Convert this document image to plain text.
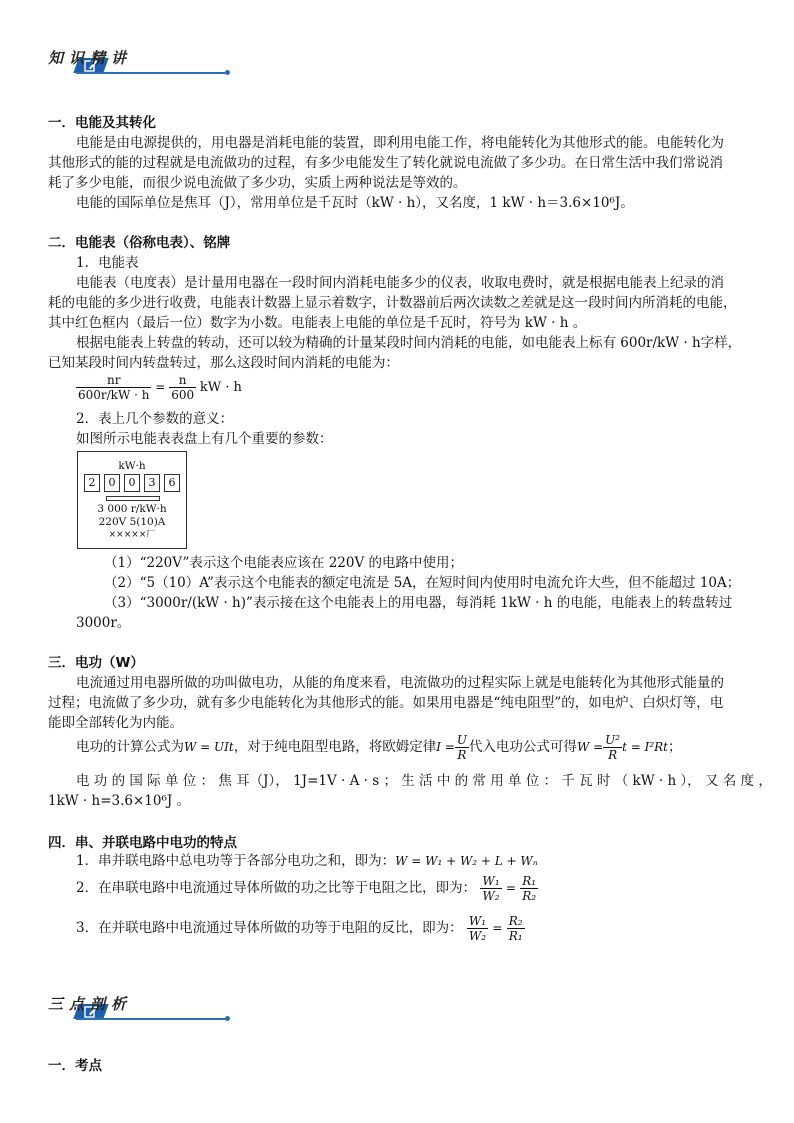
知识精讲
一．电能及其转化
电能是由电源提供的，用电器是消耗电能的装置，即利用电能工作，将电能转化为其他形式的能。电能转化为
其他形式的能的过程就是电流做功的过程，有多少电能发生了转化就说电流做了多少功。在日常生活中我们常说消
耗了多少电能，而很少说电流做了多少功，实质上两种说法是等效的。
电能的国际单位是焦耳（J），常用单位是千瓦时（kW · h），又名度，1 kW · h＝3.6×10⁶J。
二．电能表（俗称电表）、铭牌
1．电能表
电能表（电度表）是计量用电器在一段时间内消耗电能多少的仪表，收取电费时，就是根据电能表上纪录的消
耗的电能的多少进行收费，电能表计数器上显示着数字，计数器前后两次读数之差就是这一段时间内所消耗的电能，
其中红色框内（最后一位）数字为小数。电能表上电能的单位是千瓦时，符号为 kW · h 。
根据电能表上转盘的转动，还可以较为精确的计量某段时间内消耗的电能，如电能表上标有 600r/kW · h字样，
已知某段时间内转盘转过，那么这段时间内消耗的电能为：
$\frac{nr}{600r/kW \cdot h} = \frac{n}{600}$ kW · h
2．表上几个参数的意义：
如图所示电能表表盘上有几个重要的参数：
kW·h
2	0	0	3	6
3 000 r/kW·h
220V 5(10)A
×××××厂
（1）“220V”表示这个电能表应该在 220V 的电路中使用；
（2）“5（10）A”表示这个电能表的额定电流是 5A，在短时间内使用时电流允许大些，但不能超过 10A；
（3）“3000r/(kW · h)”表示接在这个电能表上的用电器，每消耗 1kW · h 的电能，电能表上的转盘转过
3000r。
三．电功（W）
电流通过用电器所做的功叫做电功，从能的角度来看，电流做功的过程实际上就是电能转化为其他形式能量的
过程；电流做了多少功，就有多少电能转化为其他形式的能。如果用电器是“纯电阻型”的，如电炉、白炽灯等，电
能即全部转化为内能。
电功的计算公式为W = UIt，对于纯电阻型电路，将欧姆定律$I = \frac{U}{R}$ 代入电功公式可得$W = \frac{\text{U²}}{R}$ t = I²Rt；
电 功 的 国 际 单 位 ： 焦 耳（J）， 1J=1V · A · s ； 生 活 中 的 常 用 单 位 ： 千 瓦 时 （ kW · h ）， 又 名 度 ，
1kW · h=3.6×10⁶J 。
四．串、并联电路中电功的特点
1．串并联电路中总电功等于各部分电功之和，即为：W = W₁ + W₂ + L + Wₙ
2．在串联电路中电流通过导体所做的功之比等于电阻之比，即为： $\frac{\text{W₁}}{\text{W₂}} = \frac{\text{R₁}}{\text{R₂}}$
3．在并联电路中电流通过导体所做的功等于电阻的反比，即为： $\frac{\text{W₁}}{\text{W₂}} = \frac{\text{R₂}}{\text{R₁}}$
三点剖析
一．考点
